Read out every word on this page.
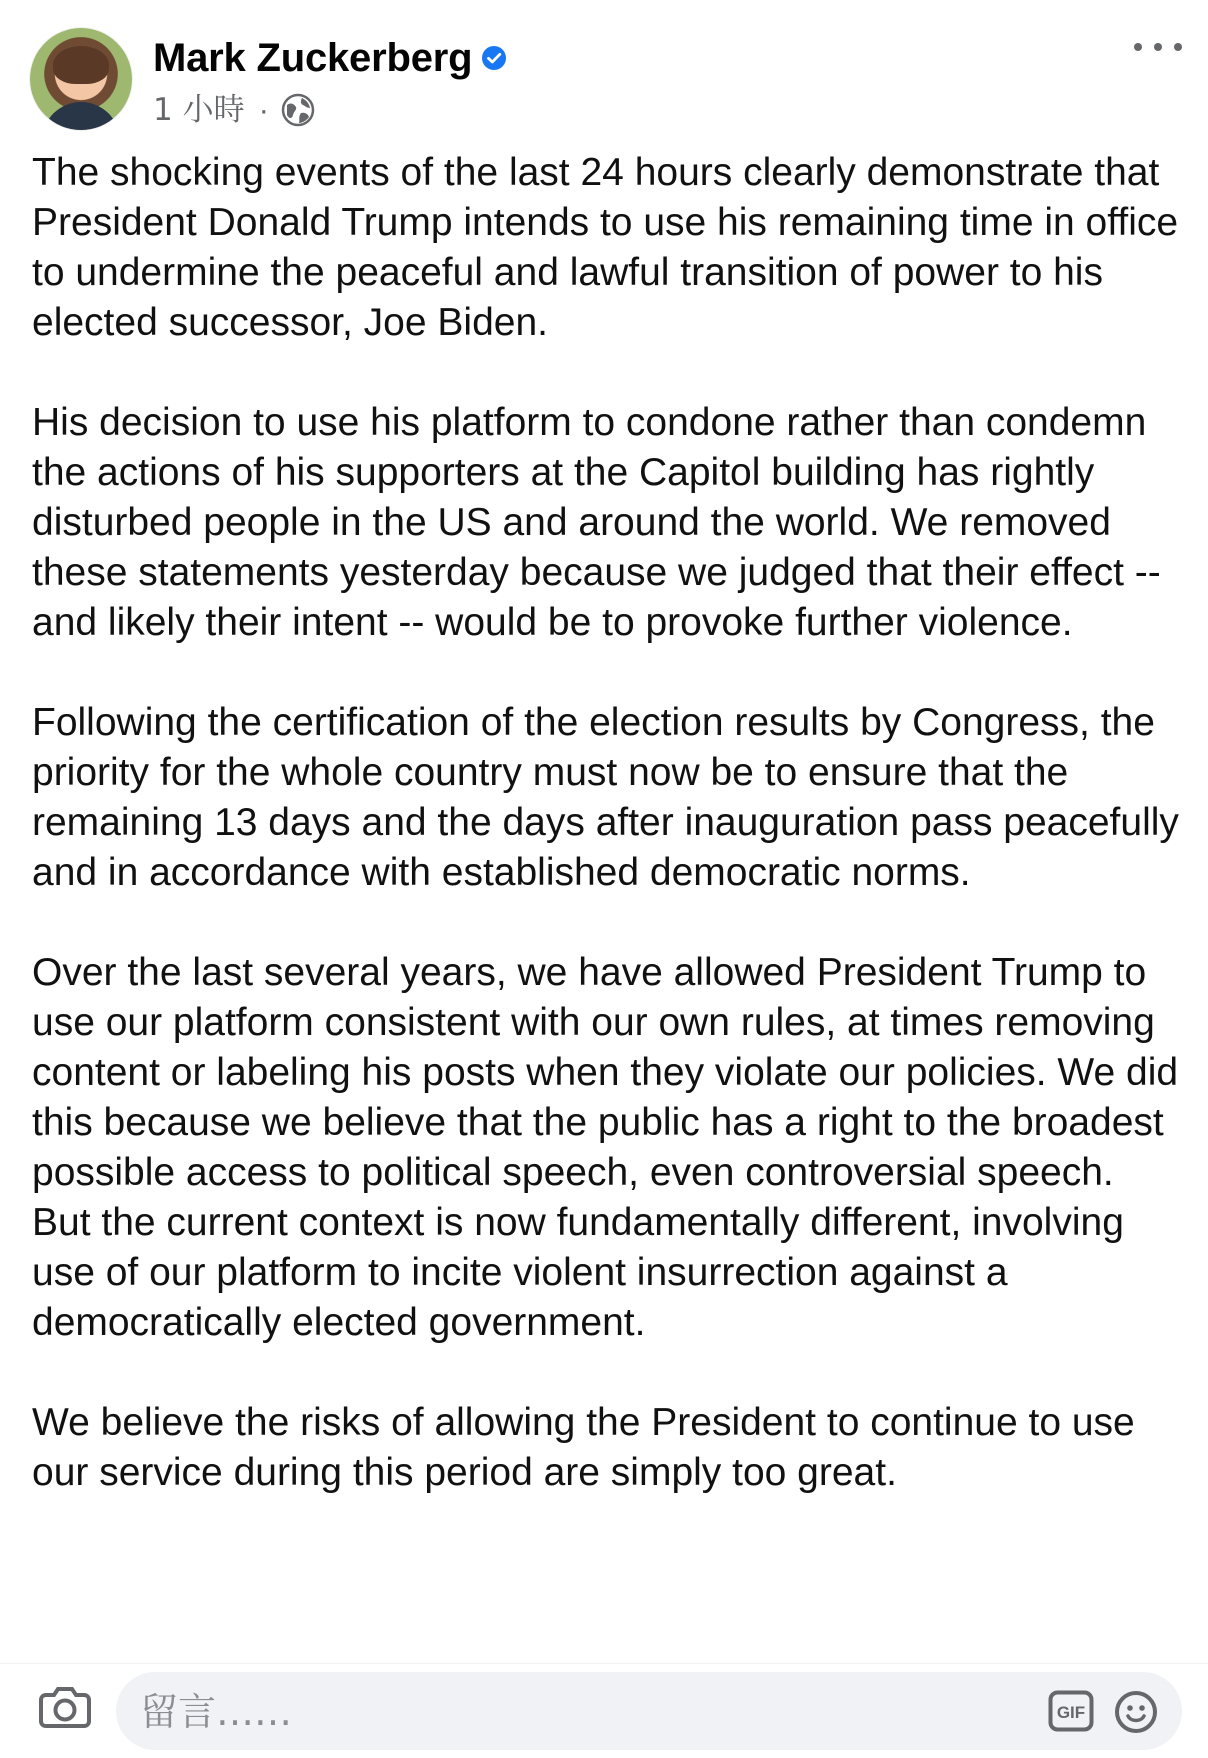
Mark Zuckerberg
1 小時 ·

The shocking events of the last 24 hours clearly demonstrate that President Donald Trump intends to use his remaining time in office to undermine the peaceful and lawful transition of power to his elected successor, Joe Biden.

His decision to use his platform to condone rather than condemn the actions of his supporters at the Capitol building has rightly disturbed people in the US and around the world. We removed these statements yesterday because we judged that their effect -- and likely their intent -- would be to provoke further violence.

Following the certification of the election results by Congress, the priority for the whole country must now be to ensure that the remaining 13 days and the days after inauguration pass peacefully and in accordance with established democratic norms.

Over the last several years, we have allowed President Trump to use our platform consistent with our own rules, at times removing content or labeling his posts when they violate our policies. We did this because we believe that the public has a right to the broadest possible access to political speech, even controversial speech. But the current context is now fundamentally different, involving use of our platform to incite violent insurrection against a democratically elected government.

We believe the risks of allowing the President to continue to use our service during this period are simply too great.

留言……
GIF
